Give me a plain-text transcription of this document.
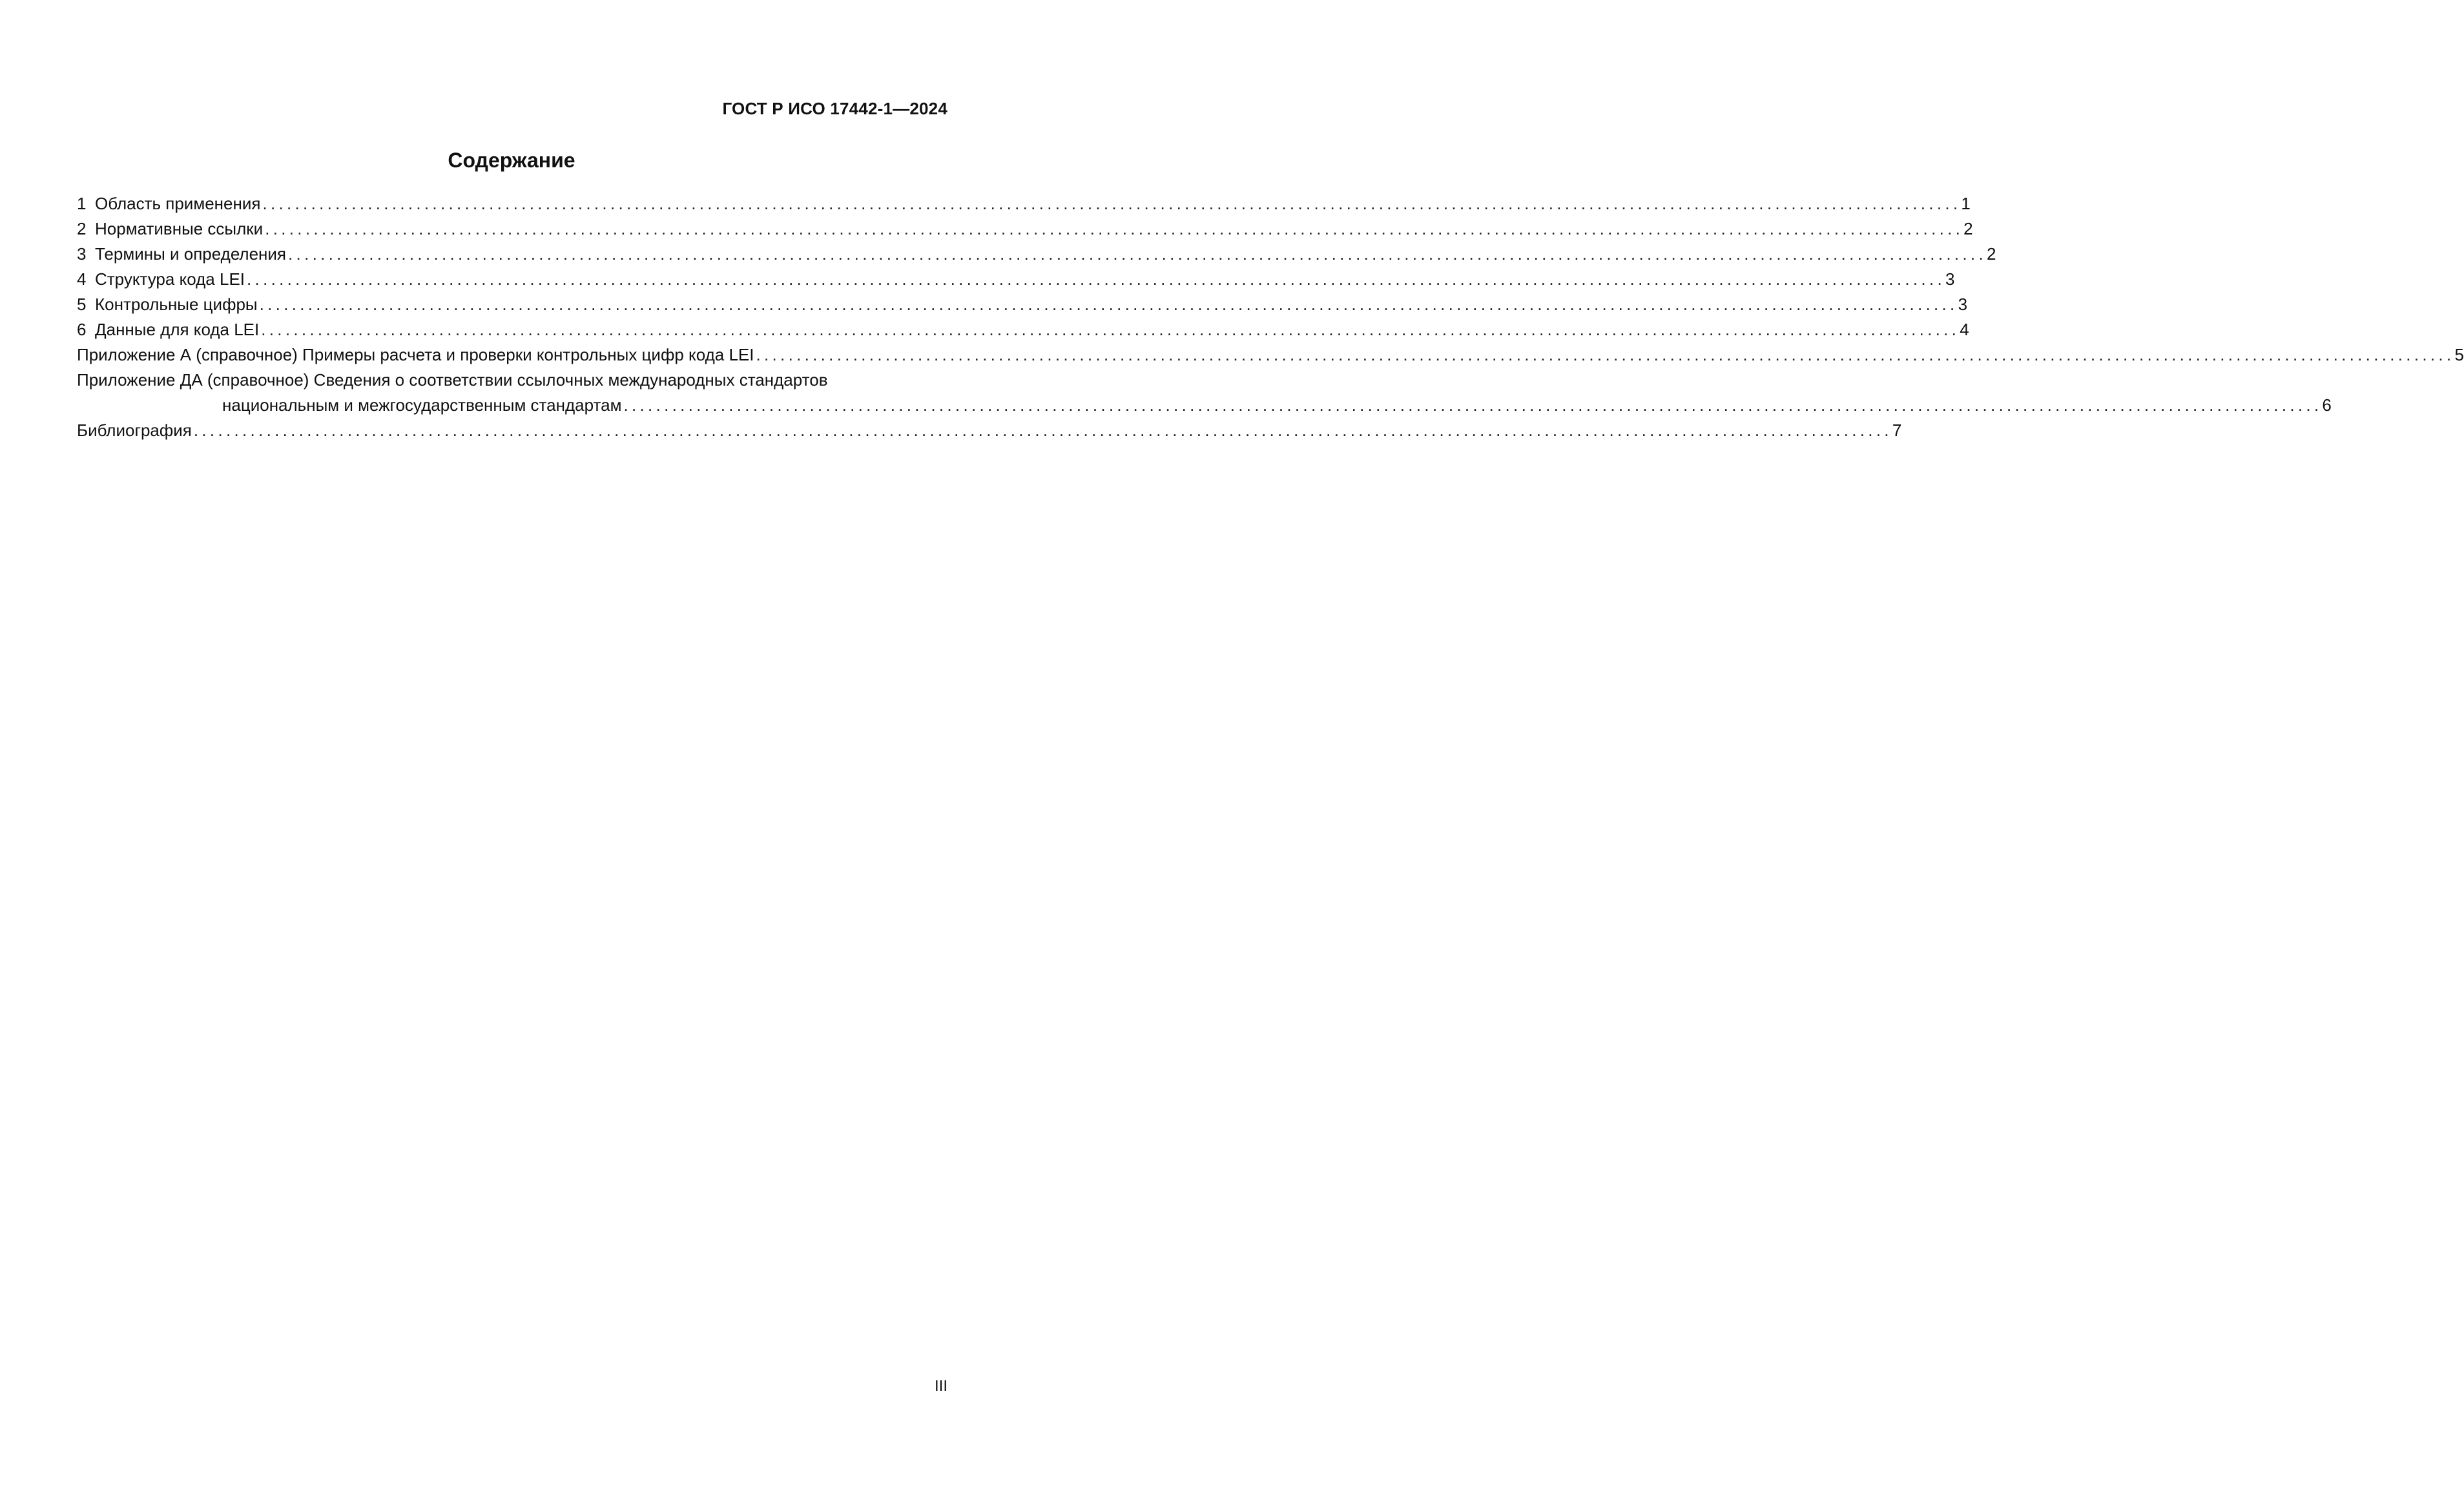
ГОСТ Р ИСО 17442-1—2024
Содержание
1 Область применения .................................................................................................................................................................................................................. 1
2 Нормативные ссылки .................................................................................................................................................................................................................. 2
3 Термины и определения .................................................................................................................................................................................................................. 2
4 Структура кода LEI .................................................................................................................................................................................................................. 3
5 Контрольные цифры .................................................................................................................................................................................................................. 3
6 Данные для кода LEI .................................................................................................................................................................................................................. 4
Приложение А (справочное) Примеры расчета и проверки контрольных цифр кода LEI .................................................................................................................................................................................................................. 5
Приложение ДА (справочное) Сведения о соответствии ссылочных международных стандартов
национальным и межгосударственным стандартам .................................................................................................................................................................................................................. 6
Библиография .................................................................................................................................................................................................................. 7
III
